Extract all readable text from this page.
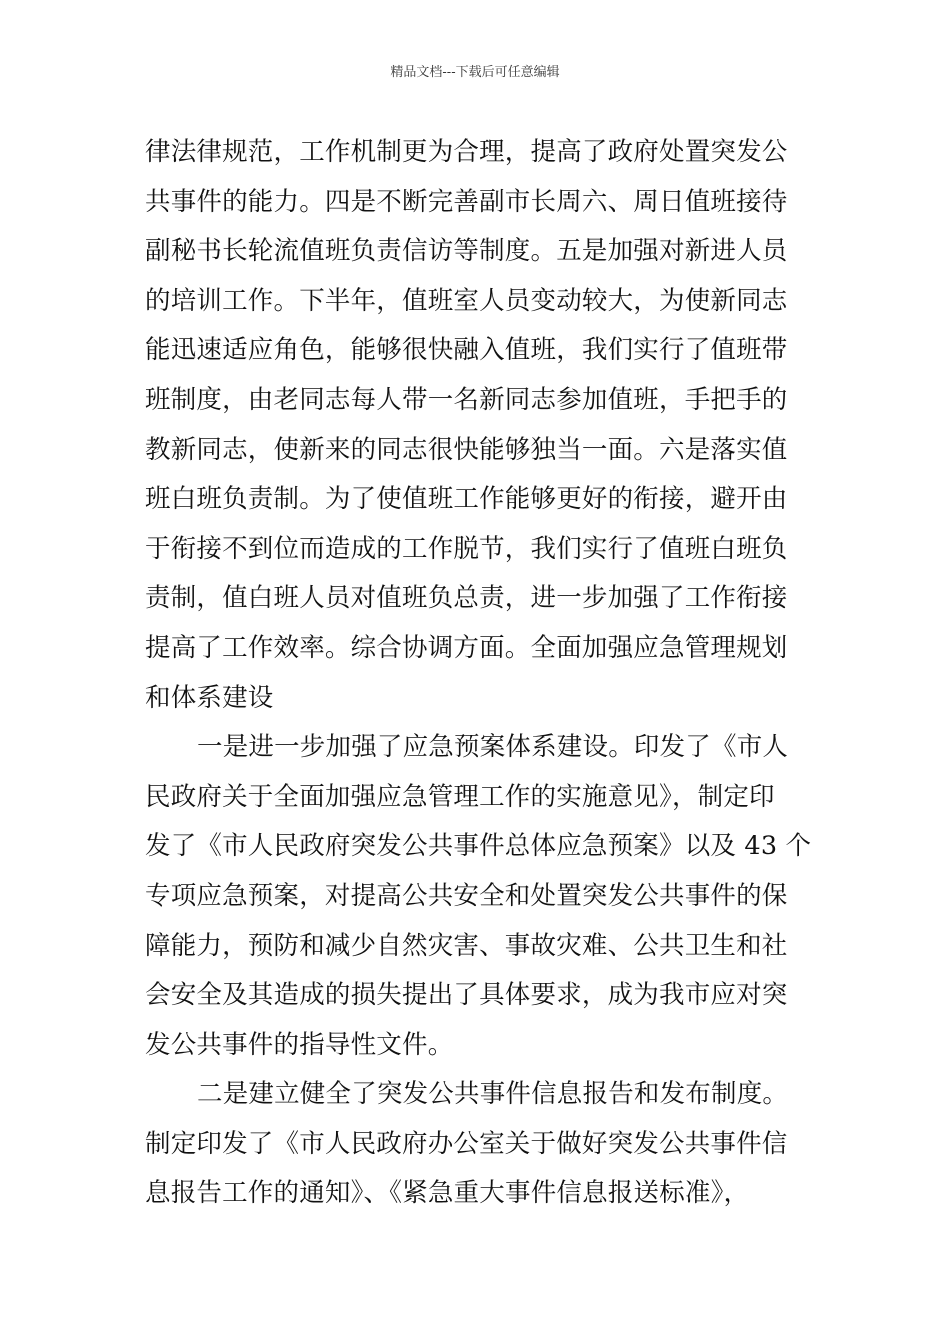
精品文档---下载后可任意编辑
律法律规范，工作机制更为合理，提高了政府处置突发公
共事件的能力。四是不断完善副市长周六、周日值班接待
副秘书长轮流值班负责信访等制度。五是加强对新进人员
的培训工作。下半年，值班室人员变动较大，为使新同志
能迅速适应角色，能够很快融入值班，我们实行了值班带
班制度，由老同志每人带一名新同志参加值班，手把手的
教新同志，使新来的同志很快能够独当一面。六是落实值
班白班负责制。为了使值班工作能够更好的衔接，避开由
于衔接不到位而造成的工作脱节，我们实行了值班白班负
责制，值白班人员对值班负总责，进一步加强了工作衔接
提高了工作效率。综合协调方面。全面加强应急管理规划
和体系建设
一是进一步加强了应急预案体系建设。印发了《市人
民政府关于全面加强应急管理工作的实施意见》，制定印
发了《市人民政府突发公共事件总体应急预案》以及 43 个
专项应急预案，对提高公共安全和处置突发公共事件的保
障能力，预防和减少自然灾害、事故灾难、公共卫生和社
会安全及其造成的损失提出了具体要求，成为我市应对突
发公共事件的指导性文件。
二是建立健全了突发公共事件信息报告和发布制度。
制定印发了《市人民政府办公室关于做好突发公共事件信
息报告工作的通知》、《紧急重大事件信息报送标准》，
